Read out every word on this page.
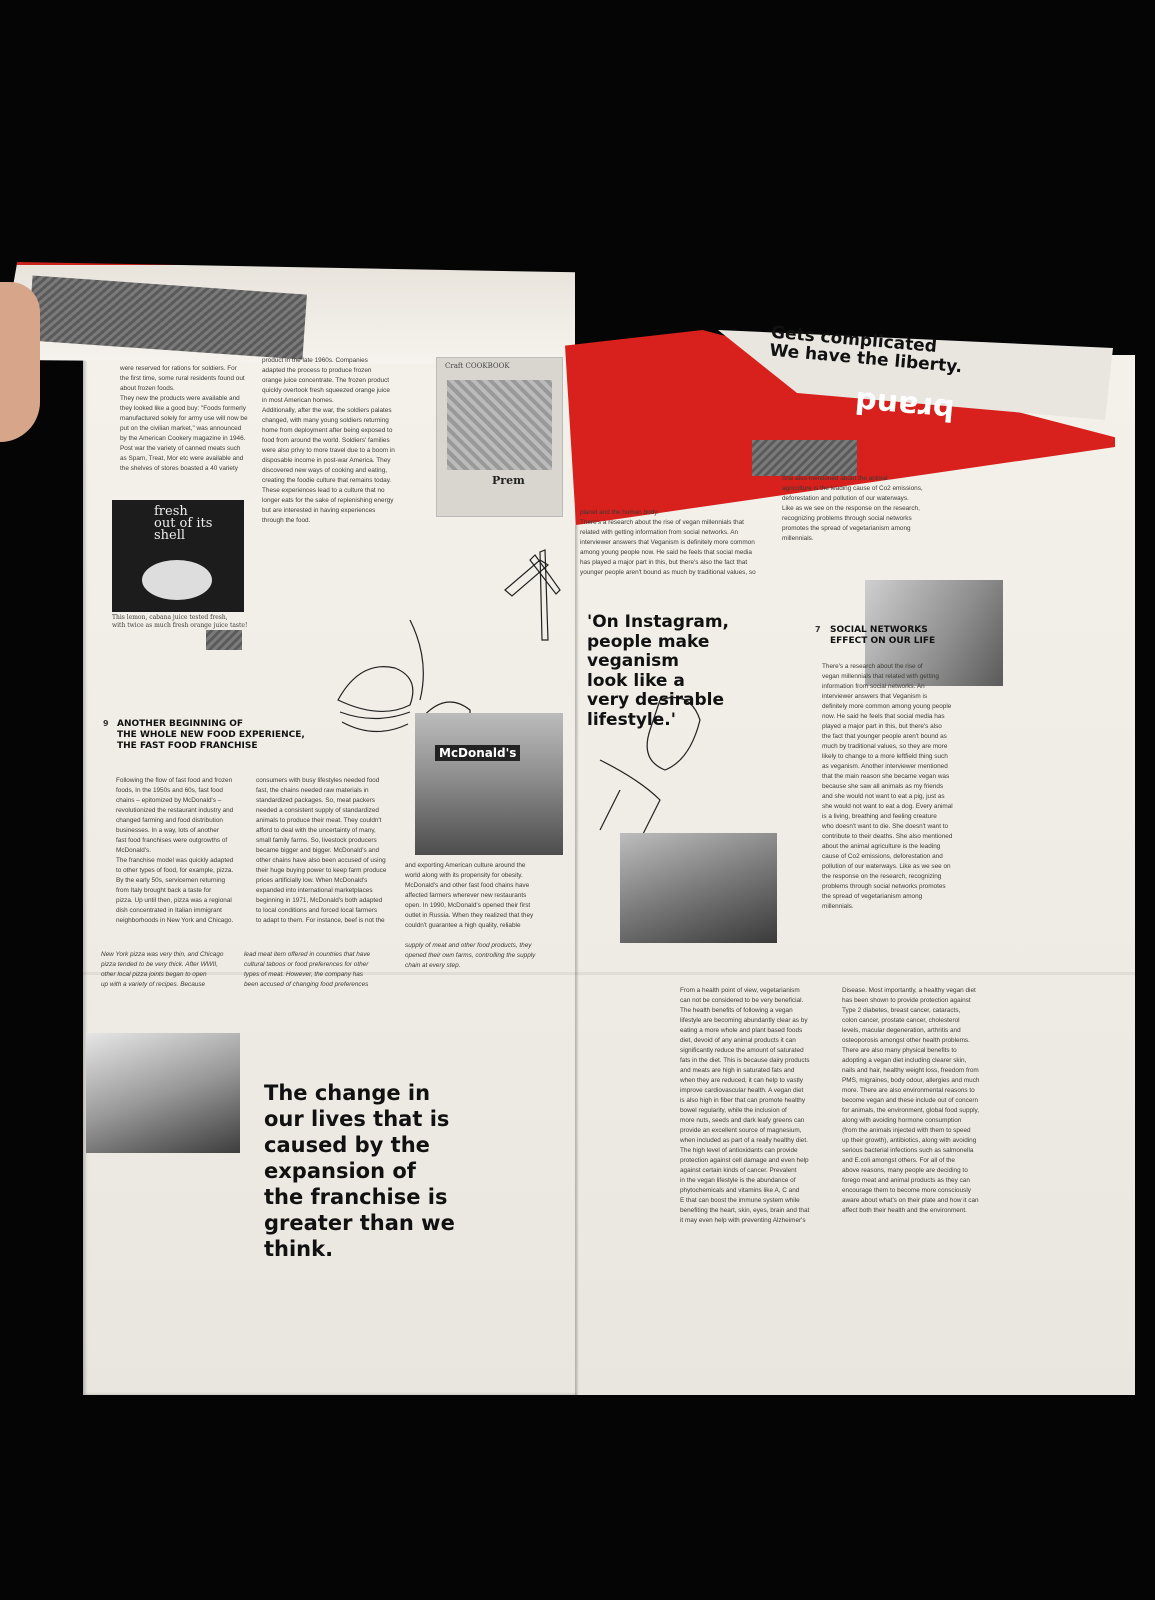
Gets complicated
We have the liberty.
brand
were reserved for rations for soldiers. For
the first time, some rural residents found out
about frozen foods.
They new the products were available and
they looked like a good buy: "Foods formerly
manufactured solely for army use will now be
put on the civilian market," was announced
by the American Cookery magazine in 1946.
Post war the variety of canned meats such
as Spam, Treat, Mor etc were available and
the shelves of stores boasted a 40 variety
product in the late 1960s. Companies
adapted the process to produce frozen
orange juice concentrate. The frozen product
quickly overtook fresh squeezed orange juice
in most American homes.
Additionally, after the war, the soldiers palates
changed, with many young soldiers returning
home from deployment after being exposed to
food from around the world. Soldiers' families
were also privy to more travel due to a boom in
disposable income in post-war America. They
discovered new ways of cooking and eating,
creating the foodie culture that remains today.
These experiences lead to a culture that no
longer eats for the sake of replenishing energy
but are interested in having experiences
through the food.
Craft COOKBOOK
Prem
fresh
out of its
shell
This lemon, cabana juice tested fresh,
with twice as much fresh orange juice taste!
McDonald's
9 ANOTHER BEGINNING OF
THE WHOLE NEW FOOD EXPERIENCE,
THE FAST FOOD FRANCHISE
Following the flow of fast food and frozen
foods, In the 1950s and 60s, fast food
chains – epitomized by McDonald's –
revolutionized the restaurant industry and
changed farming and food distribution
businesses. In a way, lots of another
fast food franchises were outgrowths of
McDonald's.
The franchise model was quickly adapted
to other types of food, for example, pizza.
By the early 50s, servicemen returning
from Italy brought back a taste for
pizza. Up until then, pizza was a regional
dish concentrated in Italian immigrant
neighborhoods in New York and Chicago.
New York pizza was very thin, and Chicago
pizza tended to be very thick. After WWII,
other local pizza joints began to open
up with a variety of recipes. Because
consumers with busy lifestyles needed food
fast, the chains needed raw materials in
standardized packages. So, meat packers
needed a consistent supply of standardized
animals to produce their meat. They couldn't
afford to deal with the uncertainty of many,
small family farms. So, livestock producers
became bigger and bigger. McDonald's and
other chains have also been accused of using
their huge buying power to keep farm produce
prices artificially low. When McDonald's
expanded into international marketplaces
beginning in 1971, McDonald's both adapted
to local conditions and forced local farmers
to adapt to them. For instance, beef is not the
lead meat item offered in countries that have
cultural taboos or food preferences for other
types of meat. However, the company has
been accused of changing food preferences
and exporting American culture around the
world along with its propensity for obesity.
McDonald's and other fast food chains have
affected farmers wherever new restaurants
open. In 1990, McDonald's opened their first
outlet in Russia. When they realized that they
couldn't guarantee a high quality, reliable
supply of meat and other food products, they
opened their own farms, controlling the supply
chain at every step.
The change in
our lives that is
caused by the
expansion of
the franchise is
greater than we
think.
planet and the human body.
There's a research about the rise of vegan millennials that
related with getting information from social networks. An
interviewer answers that Veganism is definitely more common
among young people now. He said he feels that social media
has played a major part in this, but there's also the fact that
younger people aren't bound as much by traditional values, so
She also mentioned about the animal
agriculture is the leading cause of Co2 emissions,
deforestation and pollution of our waterways.
Like as we see on the response on the research,
recognizing problems through social networks
promotes the spread of vegetarianism among
millennials.
'On Instagram,
people make
veganism
look like a
very desirable
lifestyle.'
7 SOCIAL NETWORKS
EFFECT ON OUR LIFE
There's a research about the rise of
vegan millennials that related with getting
information from social networks. An
interviewer answers that Veganism is
definitely more common among young people
now. He said he feels that social media has
played a major part in this, but there's also
the fact that younger people aren't bound as
much by traditional values, so they are more
likely to change to a more leftfield thing such
as veganism. Another interviewer mentioned
that the main reason she became vegan was
because she saw all animals as my friends
and she would not want to eat a pig, just as
she would not want to eat a dog. Every animal
is a living, breathing and feeling creature
who doesn't want to die. She doesn't want to
contribute to their deaths. She also mentioned
about the animal agriculture is the leading
cause of Co2 emissions, deforestation and
pollution of our waterways. Like as we see on
the response on the research, recognizing
problems through social networks promotes
the spread of vegetarianism among
millennials.
From a health point of view, vegetarianism
can not be considered to be very beneficial.
The health benefits of following a vegan
lifestyle are becoming abundantly clear as by
eating a more whole and plant based foods
diet, devoid of any animal products it can
significantly reduce the amount of saturated
fats in the diet. This is because dairy products
and meats are high in saturated fats and
when they are reduced, it can help to vastly
improve cardiovascular health. A vegan diet
is also high in fiber that can promote healthy
bowel regularity, while the inclusion of
more nuts, seeds and dark leafy greens can
provide an excellent source of magnesium,
when included as part of a really healthy diet.
The high level of antioxidants can provide
protection against cell damage and even help
against certain kinds of cancer. Prevalent
in the vegan lifestyle is the abundance of
phytochemicals and vitamins like A, C and
E that can boost the immune system while
benefiting the heart, skin, eyes, brain and that
it may even help with preventing Alzheimer's
Disease. Most importantly, a healthy vegan diet
has been shown to provide protection against
Type 2 diabetes, breast cancer, cataracts,
colon cancer, prostate cancer, cholesterol
levels, macular degeneration, arthritis and
osteoporosis amongst other health problems.
There are also many physical benefits to
adopting a vegan diet including clearer skin,
nails and hair, healthy weight loss, freedom from
PMS, migraines, body odour, allergies and much
more. There are also environmental reasons to
become vegan and these include out of concern
for animals, the environment, global food supply,
along with avoiding hormone consumption
(from the animals injected with them to speed
up their growth), antibiotics, along with avoiding
serious bacterial infections such as salmonella
and E.coli amongst others. For all of the
above reasons, many people are deciding to
forego meat and animal products as they can
encourage them to become more consciously
aware about what's on their plate and how it can
affect both their health and the environment.
